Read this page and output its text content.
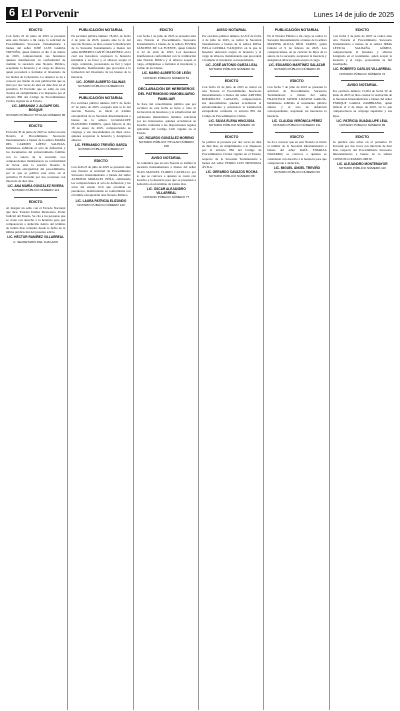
6 El Porvenir	Lunes 14 de julio de 2025
EDICTO
Con fecha 25 de junio de 2025 se presentó ante esta Notaría a mi cargo la solicitud de Procedimiento Sucesorio Testamentario a bienes del señor JOSÉ LUIS GARZA TREVIÑO, quien falleció el día 3 de marzo de 2025, compareciendo sus herederos quienes manifestaron su conformidad de tramitar la sucesión ante Notario Público, aceptando la herencia y el cargo de albacea, quien procederá a formular el inventario de los bienes de la herencia. Lo anterior se da a conocer por medio de esta publicación que se hará por dos veces de diez en diez días en el periódico El Porvenir que se edita en esta ciudad, en cumplimiento a lo dispuesto por el artículo 882 del Código de Procedimientos Civiles vigente en el Estado.
LIC. ABRAHAM J. ALDAPE DEL BOSQUE
NOTARIO PÚBLICO TITULAR NÚMERO 95
EDICTO
En fecha 30 de junio de 2025 se radicó en esta Notaría el Procedimiento Sucesorio Intestamentario a bienes de la señora MARÍA DEL CARMEN LÓPEZ SALINAS, habiéndose exhibido el acta de defunción y los documentos del entroncamiento familiar con la autora de la sucesión. Los comparecientes manifestaron su conformidad de llevar ante la suscrita Notario la tramitación extrajudicial del procedimiento, por lo que se publica este aviso en el periódico El Porvenir por dos ocasiones con intervalo de diez días.
LIC. ANA MARÍA GONZÁLEZ RIVERA
NOTARIO PÚBLICO NÚMERO 112
EDICTO
Al margen un sello con el Escudo Nacional que dice: Estados Unidos Mexicanos, Poder Judicial del Estado. Se cita a las personas que se crean con derecho a la herencia para que comparezcan a deducirlo dentro del término de treinta días contados desde la fecha de la última publicación del presente edicto.
LIC. HÉCTOR RAMÍREZ VILLARREAL
C. SECRETARIO DEL JUZGADO
PUBLICACIÓN NOTARIAL
En escritura pública número 18,452, de fecha 2 de julio de 2025, pasada ante la fe del suscrito Notario, se hizo constar la Radicación de la Sucesión Testamentaria a bienes del señor ROBERTO CANTÚ MARTÍNEZ, en la cual sus herederos aceptaron la herencia instituida a su favor y el albacea aceptó el cargo conferido, protestando su fiel y legal desempeño, manifestando que procederá a la formación del inventario de los bienes de la herencia.
LIC. JORGE ALBERTO SALINAS
NOTARIO PÚBLICO NÚMERO 63
PUBLICACIÓN NOTARIAL
Por escritura pública número 9,871 de fecha 27 de junio de 2025, otorgada ante la fe del suscrito Notario, se inició el trámite extrajudicial de la Sucesión Intestamentaria a bienes de la señora GUADALUPE ELIZONDO TORRES, quien falleció el día 18 de enero de 2025, compareciendo su cónyuge y sus descendientes en línea recta, quienes aceptaron la herencia y designaron albacea.
LIC. FERNANDO TREVIÑO GARZA
NOTARIO PÚBLICO NÚMERO 27
EDICTO
Con fecha 8 de julio de 2025 se presentó ante esta Notaría la solicitud de Procedimiento Sucesorio Intestamentario a bienes del señor ALFREDO MORALES PEÑA, exhibiendo los comparecientes el acta de defunción y las actas del estado civil que acreditan su parentesco, manifestando su conformidad con el trámite extrajudicial ante Notario Público.
LIC. LAURA PATRICIA ELIZONDO
NOTARIO PÚBLICO NÚMERO 140
EDICTO
Con fecha 1 de julio de 2025 se presentó ante esta Notaría el Procedimiento Sucesorio Testamentario a bienes de la señora ELVIRA SÁNCHEZ DE LA FUENTE, quien falleció el 22 de abril de 2025. Los herederos manifestaron conformidad con la tramitación ante Notario Público y el albacea aceptó el cargo, obligándose a formular el inventario y avalúo de los bienes.
LIC. MARIO ALBERTO DE LEÓN
NOTARIO PÚBLICO NÚMERO 51
DECLARACIÓN DE HEREDEROS DEL PATRIMONIO INMOBILIARIO FAMILIAR
Se hace del conocimiento público que por escritura de esta fecha se llevó a cabo la declaración de herederos y la adjudicación del patrimonio inmobiliario familiar, solicitada por los interesados, quienes acreditaron su derecho conforme a las disposiciones legales aplicables del Código Civil vigente en el Estado.
LIC. RICARDO GONZÁLEZ MORENO
NOTARIO PÚBLICO TITULAR NÚMERO 108
AVISO NOTARIAL
Se comunica que en esta Notaría se tramita la sucesión intestamentaria a bienes del señor JUAN MANUEL FLORES CASTILLO, por lo que se convoca a quienes se crean con derecho a la herencia para que se presenten a deducirlo en un término de treinta días.
LIC. OSCAR ALEJANDRO VILLARREAL
NOTARIO PÚBLICO NÚMERO 77
AVISO NOTARIAL
Por escritura pública número 22,310 de fecha 4 de julio de 2025, se radicó la Sucesión Testamentaria a bienes de la señora ROSA ISELA GUERRA VÁZQUEZ, en la que la heredera universal aceptó la herencia y el cargo de albacea, manifestando que procederá a formular el inventario correspondiente.
LIC. JOSÉ ANTONIO GARZA LEAL
NOTARIO PÚBLICO NÚMERO 34
EDICTO
Con fecha 10 de julio de 2025 se radicó en esta Notaría el Procedimiento Sucesorio Intestamentario a bienes del señor ARTURO RODRÍGUEZ CAVAZOS, compareciendo sus descendientes quienes acreditaron el entroncamiento y solicitaron la tramitación extrajudicial conforme al artículo 881 del Código de Procedimientos Civiles.
LIC. SILVIA ELENA HINOJOSA
NOTARIO PÚBLICO NÚMERO 19
EDICTO
Se publica el presente por dos veces de diez en diez días, en cumplimiento a lo dispuesto por el artículo 882 del Código de Procedimientos Civiles vigente en el Estado, respecto de la Sucesión Testamentaria a bienes del señor PEDRO LUIS MENDOZA ÁVILA.
LIC. GERARDO CAVAZOS ROCHA
NOTARIO PÚBLICO NÚMERO 88
PUBLICACIÓN NOTARIAL
En la Notaría Pública a mi cargo se radicó la Sucesión Intestamentaria a bienes de la señora MARTHA ALICIA RÍOS TAMEZ, quien falleció el 9 de febrero de 2025. Los comparecientes, en su carácter de hijos de la autora de la sucesión, aceptaron la herencia y designaron albacea quien aceptó el cargo.
LIC. EDUARDO MARTÍNEZ SALAZAR
NOTARIO PÚBLICO NÚMERO 45
EDICTO
Con fecha 7 de julio de 2025 se presentó la solicitud de Procedimiento Sucesorio Testamentario a bienes del señor FRANCISCO JAVIER LOZANO GARCÍA, habiéndose exhibido el testamento público abierto y el acta de defunción correspondiente, aceptando los herederos la herencia.
LIC. CLAUDIA VERÓNICA PÉREZ
NOTARIO PÚBLICO NÚMERO 131
EDICTO
Se da a conocer que en esta Notaría se inició el trámite de la Sucesión Intestamentaria a bienes del señor RAÚL ESPARZA NAVARRO; se convoca a quienes se consideren con derecho a la herencia para que comparezcan a deducirlo.
LIC. MIGUEL ÁNGEL TREVIÑO
NOTARIO PÚBLICO NÚMERO 56
EDICTO
Con fecha 3 de julio de 2025 se radicó ante esta Notaría el Procedimiento Sucesorio Testamentario a bienes de la señora IRMA LETICIA SALDAÑA GÓMEZ, compareciendo el heredero y albacea designado en el testamento, quien aceptó la herencia y el cargo, protestando su fiel desempeño.
LIC. ROBERTO CARLOS VILLARREAL
NOTARIO PÚBLICO NÚMERO 72
AVISO NOTARIAL
Por escritura número 15,004 de fecha 30 de junio de 2025 se hizo constar la radicación de la Sucesión Intestamentaria a bienes del señor ENRIQUE GARZA ZAMBRANO, quien falleció el 2 de mayo de 2025, en la que comparecieron su cónyuge supérstite y sus hijos.
LIC. PATRICIA GUADALUPE LEAL
NOTARIO PÚBLICO NÚMERO 99
EDICTO
Se publica este aviso en el periódico El Porvenir por dos veces con intervalo de diez días, respecto del Procedimiento Sucesorio Intestamentario a bienes de la señora CONSUELO RAMOS ORTIZ.
LIC. ALEJANDRO MONTEMAYOR
NOTARIO PÚBLICO NÚMERO 116
